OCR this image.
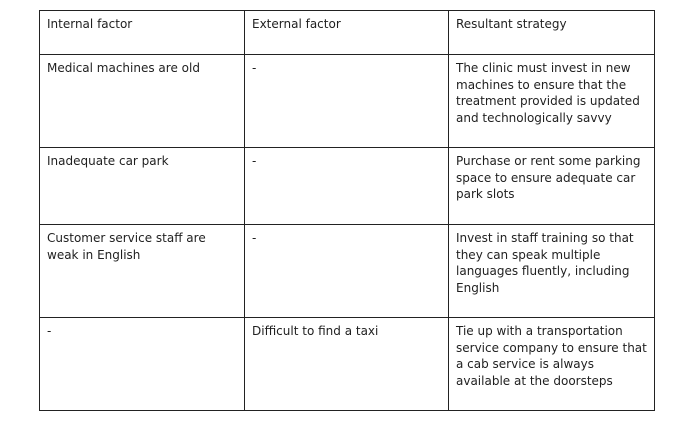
Internal factor	External factor	Resultant strategy
Medical machines are old	-	The clinic must invest in new machines to ensure that the treatment provided is updated and technologically savvy
Inadequate car park	-	Purchase or rent some parking space to ensure adequate car park slots
Customer service staff are weak in English	-	Invest in staff training so that they can speak multiple languages fluently, including English
-	Difficult to find a taxi	Tie up with a transportation service company to ensure that a cab service is always available at the doorsteps
